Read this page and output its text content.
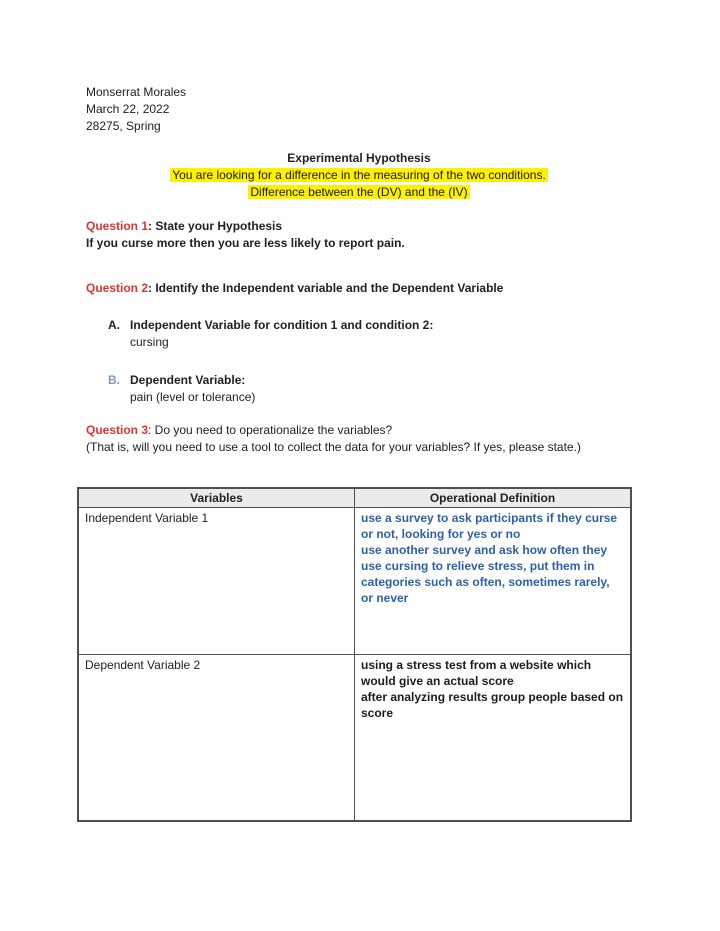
Monserrat Morales
March 22, 2022
28275, Spring
Experimental Hypothesis
You are looking for a difference in the measuring of the two conditions.
Difference between the (DV) and the (IV)
Question 1: State your Hypothesis
If you curse more then you are less likely to report pain.
Question 2: Identify the Independent variable and the Dependent Variable
A. Independent Variable for condition 1 and condition 2:
cursing
B. Dependent Variable:
pain (level or tolerance)
Question 3: Do you need to operationalize the variables?
(That is, will you need to use a tool to collect the data for your variables? If yes, please state.)
Variables	Operational Definition
Independent Variable 1	use a survey to ask participants if they curse or not, looking for yes or no
use another survey and ask how often they use cursing to relieve stress, put them in categories such as often, sometimes rarely, or never

Dependent Variable 2	using a stress test from a website which would give an actual score
after analyzing results group people based on score
